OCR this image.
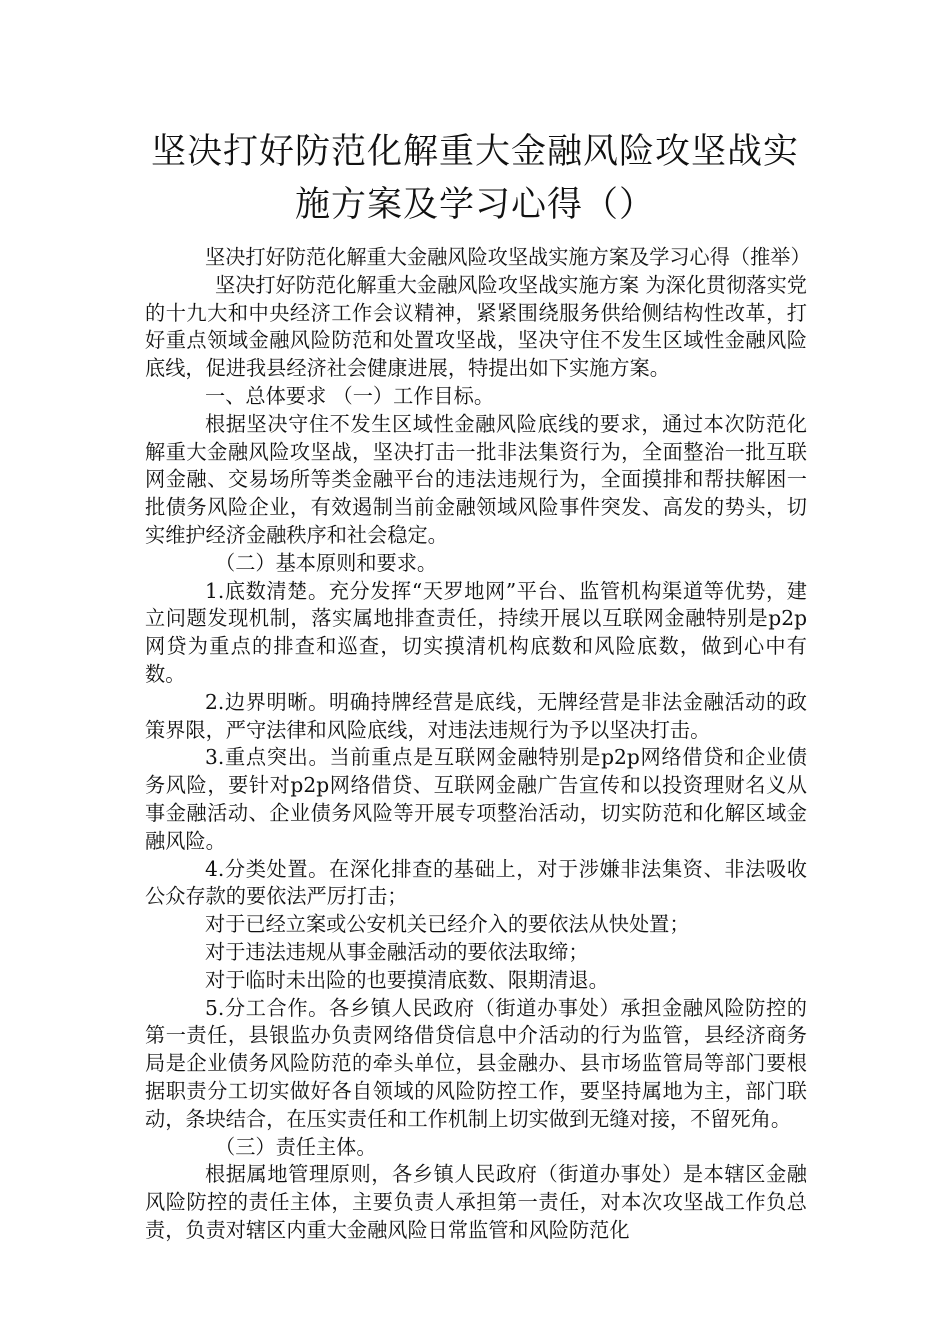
坚决打好防范化解重大金融风险攻坚战实
施方案及学习心得（）

坚决打好防范化解重大金融风险攻坚战实施方案及学习心得（推举）

坚决打好防范化解重大金融风险攻坚战实施方案 为深化贯彻落实党的十九大和中央经济工作会议精神，紧紧围绕服务供给侧结构性改革，打好重点领域金融风险防范和处置攻坚战，坚决守住不发生区域性金融风险底线，促进我县经济社会健康进展，特提出如下实施方案。

一、总体要求 （一）工作目标。

根据坚决守住不发生区域性金融风险底线的要求，通过本次防范化解重大金融风险攻坚战，坚决打击一批非法集资行为，全面整治一批互联网金融、交易场所等类金融平台的违法违规行为，全面摸排和帮扶解困一批债务风险企业，有效遏制当前金融领域风险事件突发、高发的势头，切实维护经济金融秩序和社会稳定。

（二）基本原则和要求。

1.底数清楚。充分发挥“天罗地网”平台、监管机构渠道等优势，建立问题发现机制，落实属地排查责任，持续开展以互联网金融特别是p2p网贷为重点的排查和巡查，切实摸清机构底数和风险底数，做到心中有数。

2.边界明晰。明确持牌经营是底线，无牌经营是非法金融活动的政策界限，严守法律和风险底线，对违法违规行为予以坚决打击。

3.重点突出。当前重点是互联网金融特别是p2p网络借贷和企业债务风险，要针对p2p网络借贷、互联网金融广告宣传和以投资理财名义从事金融活动、企业债务风险等开展专项整治活动，切实防范和化解区域金融风险。

4.分类处置。在深化排查的基础上，对于涉嫌非法集资、非法吸收公众存款的要依法严厉打击；

对于已经立案或公安机关已经介入的要依法从快处置；

对于违法违规从事金融活动的要依法取缔；

对于临时未出险的也要摸清底数、限期清退。

5.分工合作。各乡镇人民政府（街道办事处）承担金融风险防控的第一责任，县银监办负责网络借贷信息中介活动的行为监管，县经济商务局是企业债务风险防范的牵头单位，县金融办、县市场监管局等部门要根据职责分工切实做好各自领域的风险防控工作，要坚持属地为主，部门联动，条块结合，在压实责任和工作机制上切实做到无缝对接，不留死角。

（三）责任主体。

根据属地管理原则，各乡镇人民政府（街道办事处）是本辖区金融风险防控的责任主体，主要负责人承担第一责任，对本次攻坚战工作负总责，负责对辖区内重大金融风险日常监管和风险防范化
